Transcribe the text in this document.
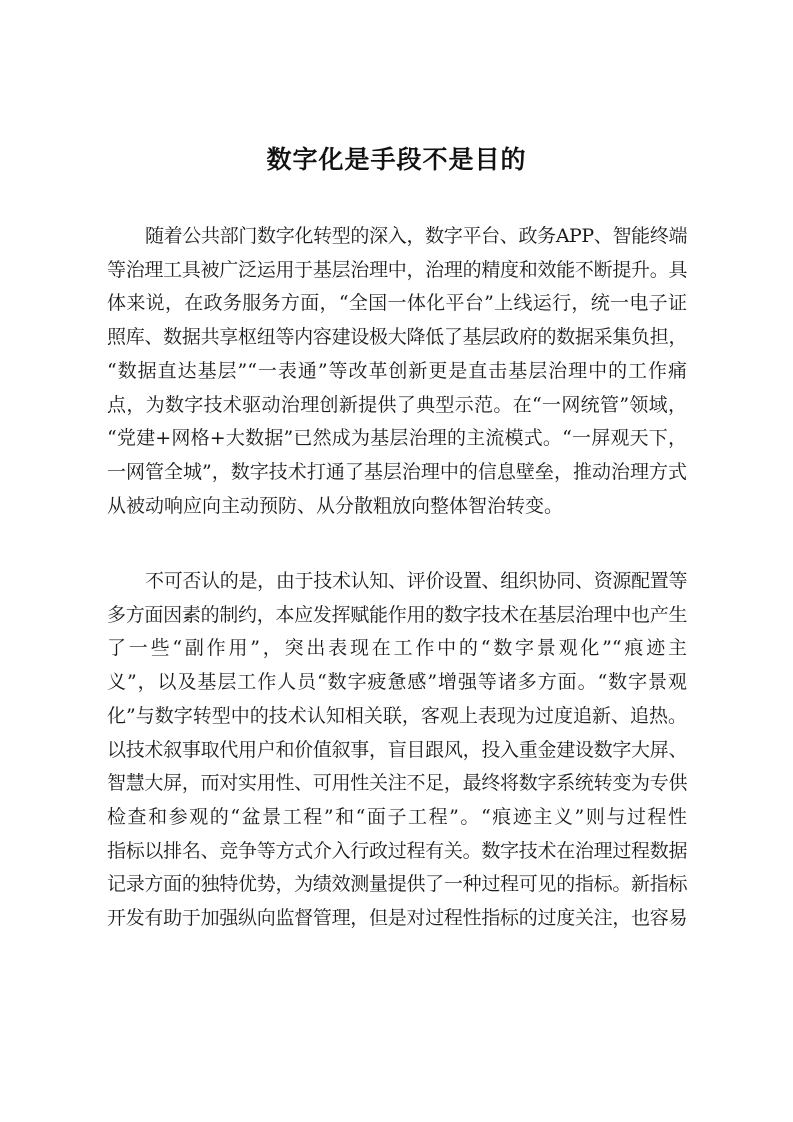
数字化是手段不是目的
随着公共部门数字化转型的深入，数字平台、政务APP、智能终端
等治理工具被广泛运用于基层治理中，治理的精度和效能不断提升。具
体来说，在政务服务方面，“全国一体化平台”上线运行，统一电子证
照库、数据共享枢纽等内容建设极大降低了基层政府的数据采集负担，
“数据直达基层”“一表通”等改革创新更是直击基层治理中的工作痛
点，为数字技术驱动治理创新提供了典型示范。在“一网统管”领域，
“党建+网格+大数据”已然成为基层治理的主流模式。“一屏观天下，
一网管全城”，数字技术打通了基层治理中的信息壁垒，推动治理方式
从被动响应向主动预防、从分散粗放向整体智治转变。
不可否认的是，由于技术认知、评价设置、组织协同、资源配置等
多方面因素的制约，本应发挥赋能作用的数字技术在基层治理中也产生
了一些“副作用”，突出表现在工作中的“数字景观化”“痕迹主
义”，以及基层工作人员“数字疲惫感”增强等诸多方面。“数字景观
化”与数字转型中的技术认知相关联，客观上表现为过度追新、追热。
以技术叙事取代用户和价值叙事，盲目跟风，投入重金建设数字大屏、
智慧大屏，而对实用性、可用性关注不足，最终将数字系统转变为专供
检查和参观的“盆景工程”和“面子工程”。“痕迹主义”则与过程性
指标以排名、竞争等方式介入行政过程有关。数字技术在治理过程数据
记录方面的独特优势，为绩效测量提供了一种过程可见的指标。新指标
开发有助于加强纵向监督管理，但是对过程性指标的过度关注，也容易
